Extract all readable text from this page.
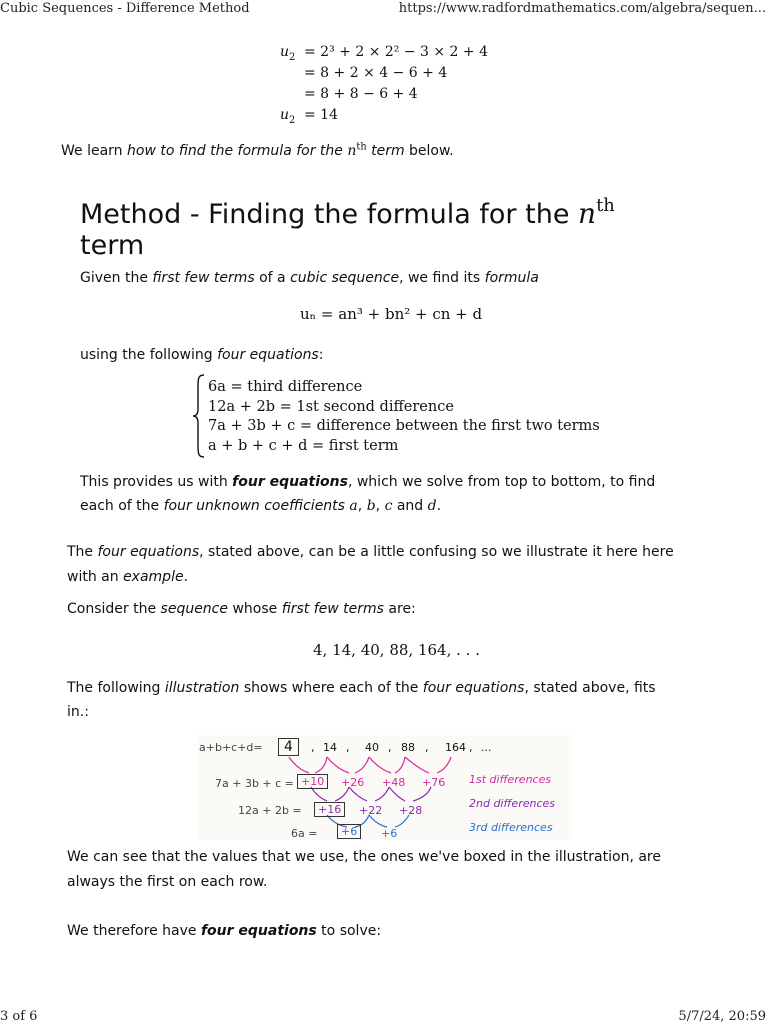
Cubic Sequences - Difference Method	https://www.radfordmathematics.com/algebra/sequen...
$u_2 = 2^3 + 2 \times 2^2 - 3 \times 2 + 4$
= 8 + 2 × 4 − 6 + 4
= 8 + 8 − 6 + 4
$u_2 = 14$
We learn how to find the formula for the $n^{th}$ term below.
Method - Finding the formula for the $n^{th}$
term
Given the first few terms of a cubic sequence, we find its formula
uₙ = an³ + bn² + cn + d
using the following four equations:
6a = third difference
12a + 2b = 1st second difference
7a + 3b + c = difference between the first two terms
a + b + c + d = first term
This provides us with four equations, which we solve from top to bottom, to find
each of the four unknown coefficients a, b, c and d.
The four equations, stated above, can be a little confusing so we illustrate it here here
with an example.
Consider the sequence whose first few terms are:
4, 14, 40, 88, 164, . . .
The following illustration shows where each of the four equations, stated above, fits
in.:
a+b+c+d=	4	, 14 , 40 , 88 , 164 , ...
7a + 3b + c = +10	+26 +48 +76
12a + 2b =	+16	+22 +28
6a =	+6	+6
1st differences
2nd differences
3rd differences
We can see that the values that we use, the ones we've boxed in the illustration, are
always the first on each row.
We therefore have four equations to solve:
3 of 6	5/7/24, 20:59
